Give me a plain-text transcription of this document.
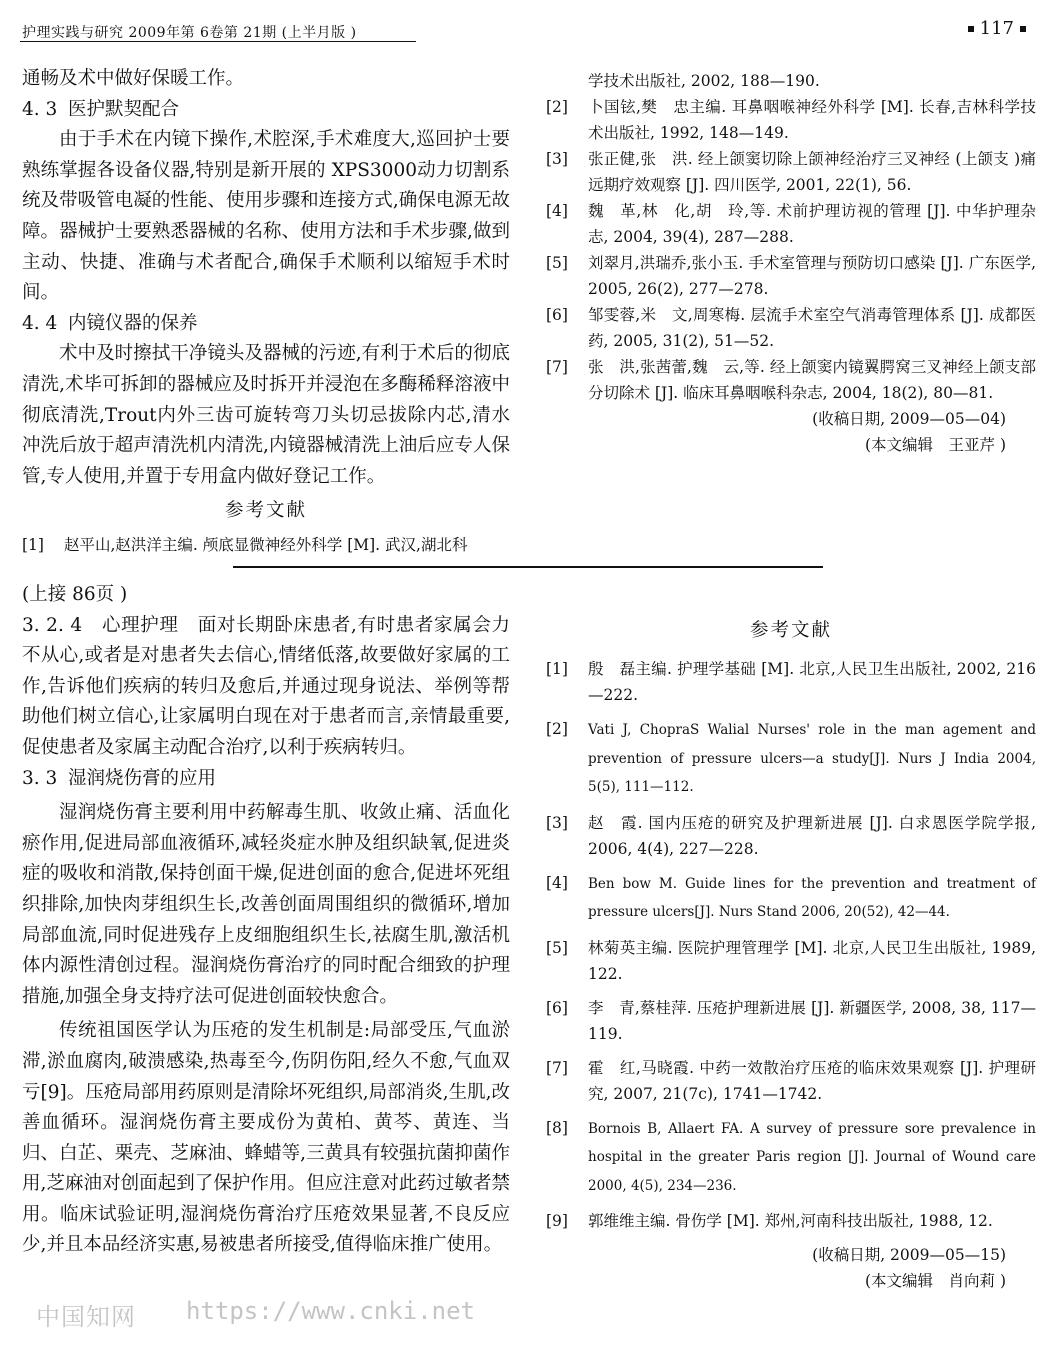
护理实践与研究 2009年第 6卷第 21期 (上半月版 )	117

通畅及术中做好保暖工作。

4. 3 医护默契配合

由于手术在内镜下操作,术腔深,手术难度大,巡回护士要熟练掌握各设备仪器,特别是新开展的 XPS3000动力切割系统及带吸管电凝的性能、使用步骤和连接方式,确保电源无故障。器械护士要熟悉器械的名称、使用方法和手术步骤,做到主动、快捷、准确与术者配合,确保手术顺利以缩短手术时间。

4. 4 内镜仪器的保养

术中及时擦拭干净镜头及器械的污迹,有利于术后的彻底清洗,术毕可拆卸的器械应及时拆开并浸泡在多酶稀释溶液中彻底清洗,Trout内外三齿可旋转弯刀头切忌拔除内芯,清水冲洗后放于超声清洗机内清洗,内镜器械清洗上油后应专人保管,专人使用,并置于专用盒内做好登记工作。

参考文献

[1]	赵平山,赵洪洋主编. 颅底显微神经外科学 [M]. 武汉,湖北科
学技术出版社, 2002, 188—190.
[2]	卜国铉,樊　忠主编. 耳鼻咽喉神经外科学 [M]. 长春,吉林科学技术出版社, 1992, 148—149.
[3]	张正健,张　洪. 经上颌窦切除上颌神经治疗三叉神经 (上颌支 )痛远期疗效观察 [J]. 四川医学, 2001, 22(1), 56.
[4]	魏　革,林　化,胡　玲,等. 术前护理访视的管理 [J]. 中华护理杂志, 2004, 39(4), 287—288.
[5]	刘翠月,洪瑞乔,张小玉. 手术室管理与预防切口感染 [J]. 广东医学, 2005, 26(2), 277—278.
[6]	邹雯蓉,米　文,周寒梅. 层流手术室空气消毒管理体系 [J]. 成都医药, 2005, 31(2), 51—52.
[7]	张　洪,张茜蕾,魏　云,等. 经上颌窦内镜翼腭窝三叉神经上颌支部分切除术 [J]. 临床耳鼻咽喉科杂志, 2004, 18(2), 80—81.

(收稿日期, 2009—05—04)

(本文编辑　王亚芹 )

(上接 86页 )

3. 2. 4　 心理护理　 面对长期卧床患者,有时患者家属会力不从心,或者是对患者失去信心,情绪低落,故要做好家属的工作,告诉他们疾病的转归及愈后,并通过现身说法、举例等帮助他们树立信心,让家属明白现在对于患者而言,亲情最重要,促使患者及家属主动配合治疗,以利于疾病转归。

3. 3 湿润烧伤膏的应用

湿润烧伤膏主要利用中药解毒生肌、收敛止痛、活血化瘀作用,促进局部血液循环,减轻炎症水肿及组织缺氧,促进炎症的吸收和消散,保持创面干燥,促进创面的愈合,促进坏死组织排除,加快肉芽组织生长,改善创面周围组织的微循环,增加局部血流,同时促进残存上皮细胞组织生长,祛腐生肌,激活机体内源性清创过程。湿润烧伤膏治疗的同时配合细致的护理措施,加强全身支持疗法可促进创面较快愈合。

传统祖国医学认为压疮的发生机制是:局部受压,气血淤滞,淤血腐肉,破溃感染,热毒至今,伤阴伤阳,经久不愈,气血双亏[9]。压疮局部用药原则是清除坏死组织,局部消炎,生肌,改善血循环。湿润烧伤膏主要成份为黄柏、黄芩、黄连、当归、白芷、栗壳、芝麻油、蜂蜡等,三黄具有较强抗菌抑菌作用,芝麻油对创面起到了保护作用。但应注意对此药过敏者禁用。临床试验证明,湿润烧伤膏治疗压疮效果显著,不良反应少,并且本品经济实惠,易被患者所接受,值得临床推广使用。

参考文献

[1]	殷　磊主编. 护理学基础 [M]. 北京,人民卫生出版社, 2002, 216—222.
[2]	Vati J, ChopraS Walial Nurses' role in the man agement and prevention of pressure ulcers—a study[J]. Nurs J India 2004, 5(5), 111—112.
[3]	赵　霞. 国内压疮的研究及护理新进展 [J]. 白求恩医学院学报, 2006, 4(4), 227—228.
[4]	Ben bow M. Guide lines for the prevention and treatment of pressure ulcers[J]. Nurs Stand 2006, 20(52), 42—44.
[5]	林菊英主编. 医院护理管理学 [M]. 北京,人民卫生出版社, 1989, 122.
[6]	李　青,蔡桂萍. 压疮护理新进展 [J]. 新疆医学, 2008, 38, 117—119.
[7]	霍　红,马晓霞. 中药一效散治疗压疮的临床效果观察 [J]. 护理研究, 2007, 21(7c), 1741—1742.
[8]	Bornois B, Allaert FA. A survey of pressure sore prevalence in hospital in the greater Paris region [J]. Journal of Wound care 2000, 4(5), 234—236.
[9]	郭维维主编. 骨伤学 [M]. 郑州,河南科技出版社, 1988, 12.

(收稿日期, 2009—05—15)

(本文编辑　肖向莉 )

中国知网 https://www.cnki.net
